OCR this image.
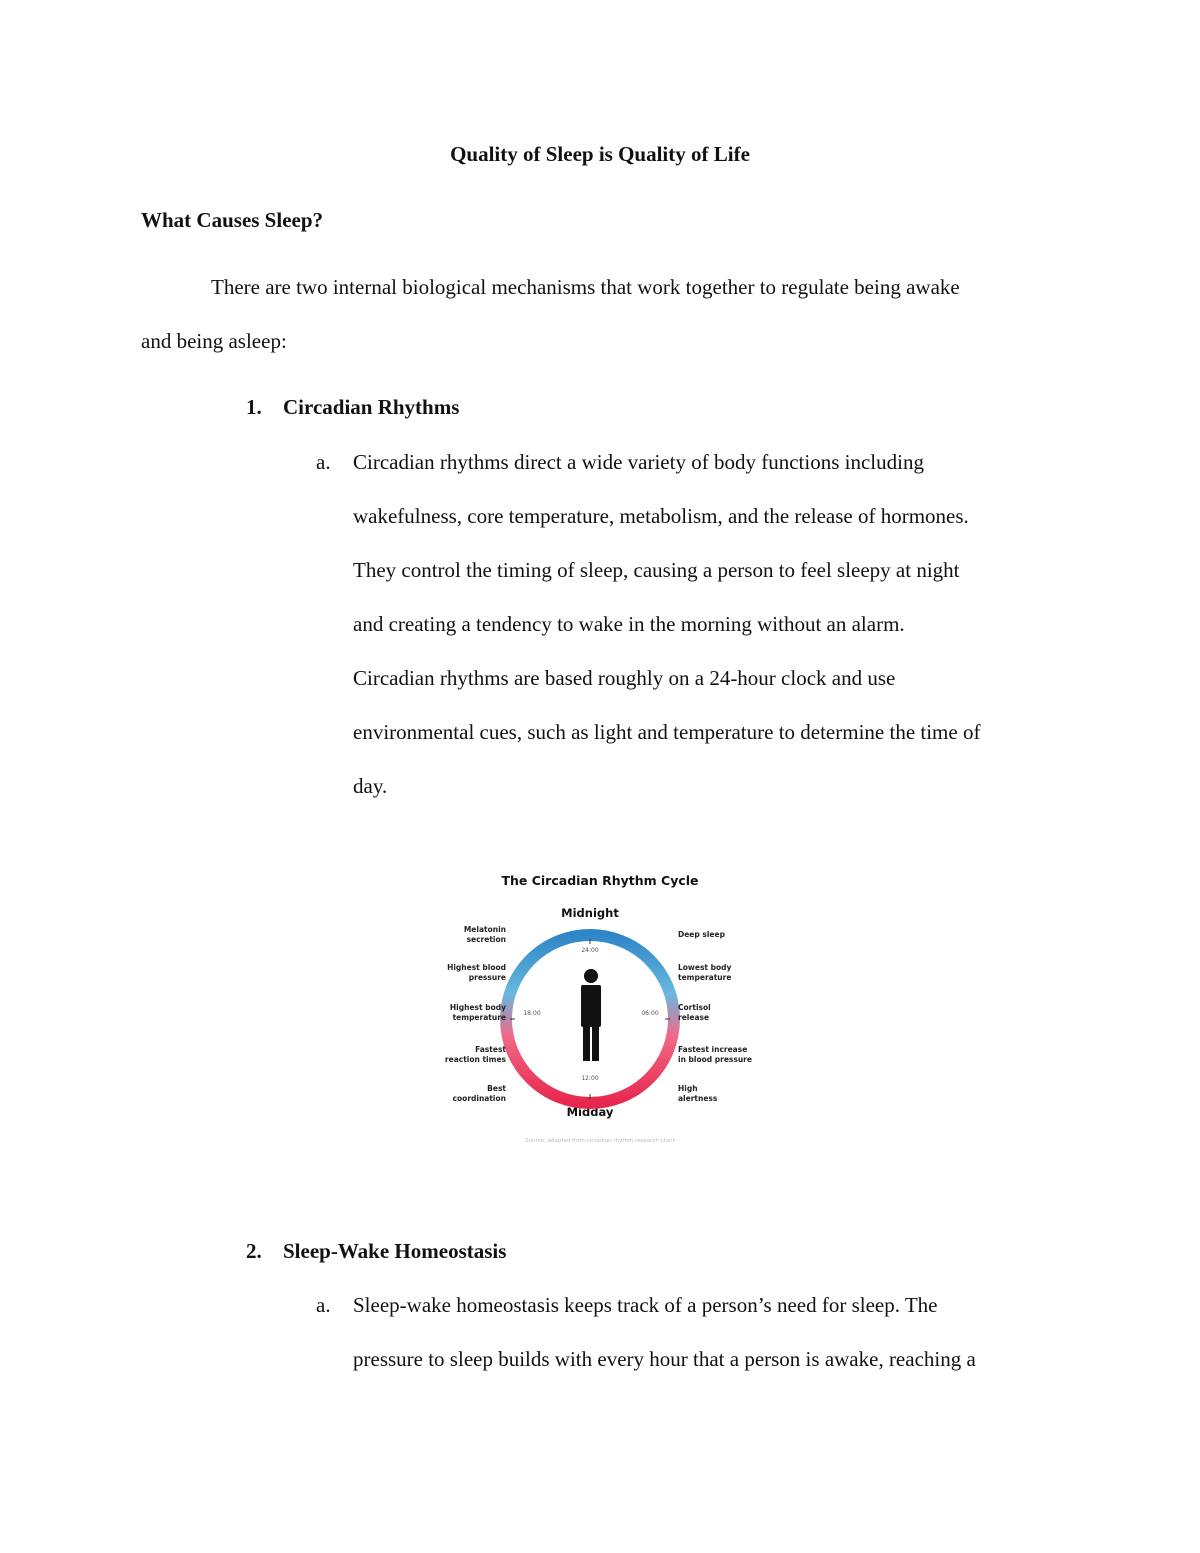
Quality of Sleep is Quality of Life
What Causes Sleep?
There are two internal biological mechanisms that work together to regulate being awake
and being asleep:
1. Circadian Rhythms
a. Circadian rhythms direct a wide variety of body functions including
wakefulness, core temperature, metabolism, and the release of hormones.
They control the timing of sleep, causing a person to feel sleepy at night
and creating a tendency to wake in the morning without an alarm.
Circadian rhythms are based roughly on a 24-hour clock and use
environmental cues, such as light and temperature to determine the time of
day.
The Circadian Rhythm Cycle
Midnight
Midday
24:00
06:00
12:00
18:00
Melatonin secretion
Highest blood pressure
Highest body temperature
Fastest reaction times
Best coordination
Deep sleep
Lowest body temperature
Cortisol release
Fastest increase in blood pressure
High alertness
Source: adapted from circadian rhythm research chart
2. Sleep-Wake Homeostasis
a. Sleep-wake homeostasis keeps track of a person’s need for sleep. The
pressure to sleep builds with every hour that a person is awake, reaching a
